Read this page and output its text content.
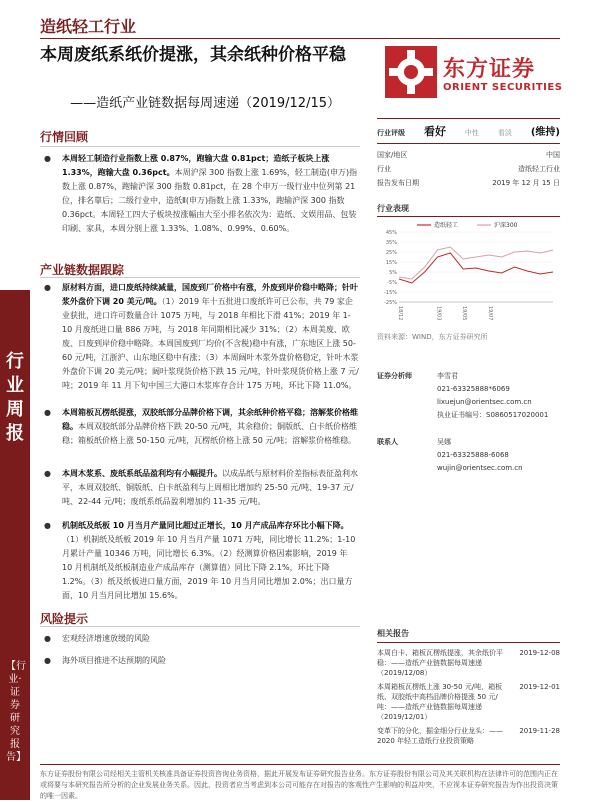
造纸轻工行业
本周废纸系纸价提涨，其余纸种价格平稳
——造纸产业链数据每周速递（2019/12/15）
东方证券
ORIENT SECURITIES
行业周报
【行业·证券研究报告】
行情回顾
● 本周轻工制造行业指数上涨 0.87%，跑输大盘 0.81pct；造纸子板块上涨 1.33%，跑输大盘 0.36pct。本周沪深 300 指数上涨 1.69%，轻工制造(申万)指数上涨 0.87%，跑输沪深 300 指数 0.81pct，在 28 个申万一级行业中位列第 21 位，排名靠后；二级行业中，造纸Ⅱ(申万)指数上涨 1.33%，跑输沪深 300 指数 0.36pct。本周轻工四大子板块按涨幅由大至小排名依次为：造纸、文娱用品、包装印刷、家具，本周分别上涨 1.33%、1.08%、0.99%、0.60%。
产业链数据跟踪
● 原材料方面，进口废纸持续减量，国废到厂价格中有涨，外废到岸价稳中略降；针叶浆外盘价下调 20 美元/吨。（1）2019 年十五批进口废纸许可已公布，共 79 家企业获批，进口许可数量合计 1075 万吨，与 2018 年相比下滑 41%；2019 年 1-10 月废纸进口量 886 万吨，与 2018 年同期相比减少 31%；（2）本周美废、欧废、日废到岸价稳中略降。本周国废到厂均价(不含税)稳中有涨，广东地区上涨 50-60 元/吨，江浙沪、山东地区稳中有涨；（3）本周阔叶木浆外盘价格稳定，针叶木浆外盘价下调 20 美元/吨；阔叶浆现货价格下跌 15 元/吨，针叶浆现货价格上涨 7 元/吨；2019 年 11 月下旬中国三大港口木浆库存合计 175 万吨，环比下降 11.0%。
● 本周箱板瓦楞纸提涨，双胶纸部分品牌价格下调，其余纸种价格平稳；溶解浆价格维稳。本周双胶纸部分品牌价格下跌 20-50 元/吨，其余稳价；铜版纸、白卡纸价格维稳；箱板纸价格上涨 50-150 元/吨，瓦楞纸价格上涨 50 元/吨；溶解浆价格维稳。
● 本周木浆系、废纸系纸品盈利均有小幅提升。以成品纸与原材料价差指标表征盈利水平，本周双胶纸、铜版纸、白卡纸盈利与上周相比增加约 25-50 元/吨、19-37 元/吨、22-44 元/吨；废纸系纸品盈利增加约 11-35 元/吨。
● 机制纸及纸板 10 月当月产量同比超过正增长，10 月产成品库存环比小幅下降。（1）机制纸及纸板 2019 年 10 月当月产量 1071 万吨，同比增长 11.2%；1-10 月累计产量 10346 万吨，同比增长 6.3%。（2）经测算价格因素影响，2019 年 10 月机制纸及纸板制造业产成品库存（测算值）同比下降 2.1%，环比下降 1.2%。（3）纸及纸板进口量方面，2019 年 10 月当月同比增加 2.0%；出口量方面，10 月当月同比增加 15.6%。
风险提示
● 宏观经济增速放缓的风险
● 海外项目推进不达预期的风险
行业评级 看好	中性	看淡 (维持)
国家/地区	中国
行业	造纸轻工行业
报告发布日期	2019 年 12 月 15 日
行业表现
45%
35%
25%
15%
5%
-5%
-15%
-25%
18/12	19/03	19/05	19/07
造纸轻工	沪深300
资料来源：WIND，东方证券研究所
证券分析师	李雪君
021-63325888*6069
lixuejun@orientsec.com.cn
执业证书编号：S0860517020001
联系人	吴娜
021-63325888-6068
wujin@orientsec.com.cn
相关报告
本周白卡、箱板瓦楞纸提涨，其余纸价平稳：——造纸产业链数据每周速递（2019/12/08）
2019-12-08
本周箱板瓦楞纸上涨 30-50 元/吨，箱板纸、双胶纸中高档品牌价格提涨 50 元/吨：——造纸产业链数据每周速递（2019/12/01）
2019-12-01
变革下的分化，掘金细分行业龙头：——2020 年轻工造纸行业投资策略
2019-11-28
东方证券股份有限公司经相关主管机关核准具备证券投资咨询业务资格，据此开展发布证券研究报告业务。东方证券股份有限公司及其关联机构在法律许可的范围内正在或将要与本研究报告所分析的企业发展业务关系。因此，投资者应当考虑到本公司可能存在对报告的客观性产生影响的利益冲突，不应视本证券研究报告为作出投资决策的唯一因素。
